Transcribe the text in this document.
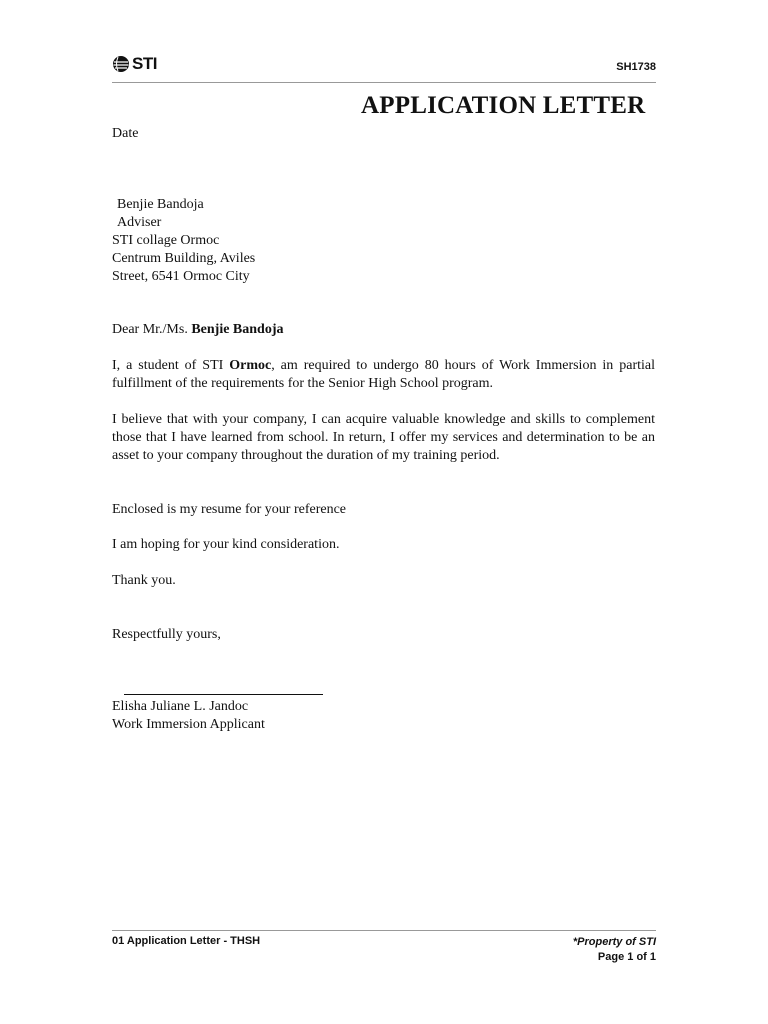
STI	SH1738
APPLICATION LETTER
Date
Benjie Bandoja
Adviser
STI collage Ormoc
Centrum Building, Aviles
Street, 6541 Ormoc City
Dear Mr./Ms. Benjie Bandoja
I, a student of STI Ormoc, am required to undergo 80 hours of Work Immersion in partial fulfillment of the requirements for the Senior High School program.
I believe that with your company, I can acquire valuable knowledge and skills to complement those that I have learned from school. In return, I offer my services and determination to be an asset to your company throughout the duration of my training period.
Enclosed is my resume for your reference
I am hoping for your kind consideration.
Thank you.
Respectfully yours,
Elisha Juliane L. Jandoc
Work Immersion Applicant
01 Application Letter - THSH	*Property of STI
Page 1 of 1
